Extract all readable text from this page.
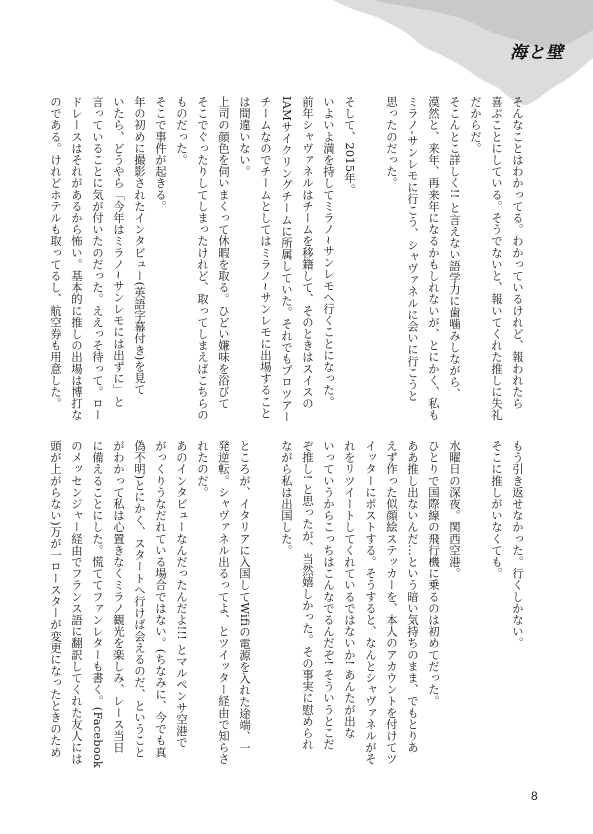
海と壁

そんなことはわかってる。わかっているけれど、報われたら

喜ぶことにしている。そうでないと、報いてくれた推しに失礼

だからだ。

そこんとこ詳しく!! と言えない語学力に歯噛みしながら、

漠然と、来年、再来年になるかもしれないが、とにかく、私も

ミラノ-サンレモに行こう、シャヴァネルに会いに行こうと

思ったのだった。

そして、2015年。

いよいよ満を持してミラノ~サンレモへ行くことになった。

前年シャヴァネルはチームを移籍して、そのときはスイスの

IAMサイクリングチームに所属していた。それでもプロツアー

チームなのでチームとしてはミラノ~サンレモに出場すること

は間違いない。

上司の顔色を伺いまくって休暇を取る。ひどい嫌味を浴びて

そこでぐったりしてしまったけれど、取ってしまえばこちらの

ものだった。

そこで事件が起きる。

年の初めに撮影されたインタビュー(英語字幕付き)を見て

いたら、どうやら「今年はミラノ~サンレモには出ずに」と

言っていることに気が付いたのだった。ええっそ待って。ロー

ドレースはそれがあるから怖い。基本的に推しの出場は博打な

のである。けれどホテルも取ってるし、航空券も用意した。

もう引き返せなかった。行くしかない。

そこに推しがいなくても。

水曜日の深夜。関西空港。

ひとりで国際線の飛行機に乗るのは初めてだった。

ああ推し出ないんだ…という暗い気持ちのまま、でもとりあ

えず作った似顔絵ステッカーを、本人のアカウントを付けてツ

イッターにポストする。そうすると、なんとシャヴァネルがそ

れをリツイートしてくれているではないか! あんたが出な

いっていうからこっちはこんなでるんだぞ! そういうとこだ

ぞ推し! と思ったが、当然嬉しかった。その事実に慰められ

ながら私は出国した。

ところが、イタリアに入国してWifiの電源を入れた途端、一

発逆転。シャヴァネル出るってよ、とツイッター経由で知らさ

れたのだ。

あのインタビューなんだったんだよ!!! とマルペンサ空港で

がっくりうなだれている場合ではない。(ちなみに、今でも真

偽不明)とにかく、スタートへ行けば会えるのだ、ということ

がわかって私は心置きなくミラノ観光を楽しみ、レース当日

に備えることにした。慌ててファンレターも書く。(Facebook

のメッセンジャー経由でフランス語に翻訳してくれた友人には

頭が上がらない)万が一ロースターが変更になったときのため

8
